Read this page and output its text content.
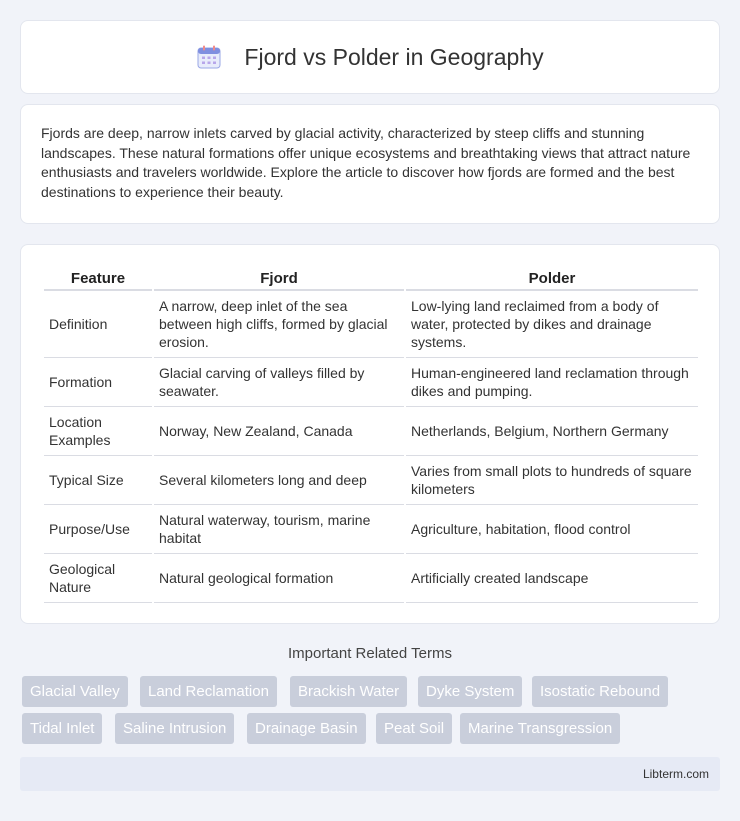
Fjord vs Polder in Geography

Fjords are deep, narrow inlets carved by glacial activity, characterized by steep cliffs and stunning landscapes. These natural formations offer unique ecosystems and breathtaking views that attract nature enthusiasts and travelers worldwide. Explore the article to discover how fjords are formed and the best destinations to experience their beauty.

Feature	Fjord	Polder
Definition	A narrow, deep inlet of the sea between high cliffs, formed by glacial erosion.	Low-lying land reclaimed from a body of water, protected by dikes and drainage systems.
Formation	Glacial carving of valleys filled by seawater.	Human-engineered land reclamation through dikes and pumping.
Location Examples	Norway, New Zealand, Canada	Netherlands, Belgium, Northern Germany
Typical Size	Several kilometers long and deep	Varies from small plots to hundreds of square kilometers
Purpose/Use	Natural waterway, tourism, marine habitat	Agriculture, habitation, flood control
Geological Nature	Natural geological formation	Artificially created landscape
Important Related Terms
Glacial Valley	Land Reclamation	Brackish Water	Dyke System	Isostatic Rebound
Tidal Inlet	Saline Intrusion	Drainage Basin	Peat Soil	Marine Transgression
Libterm.com
